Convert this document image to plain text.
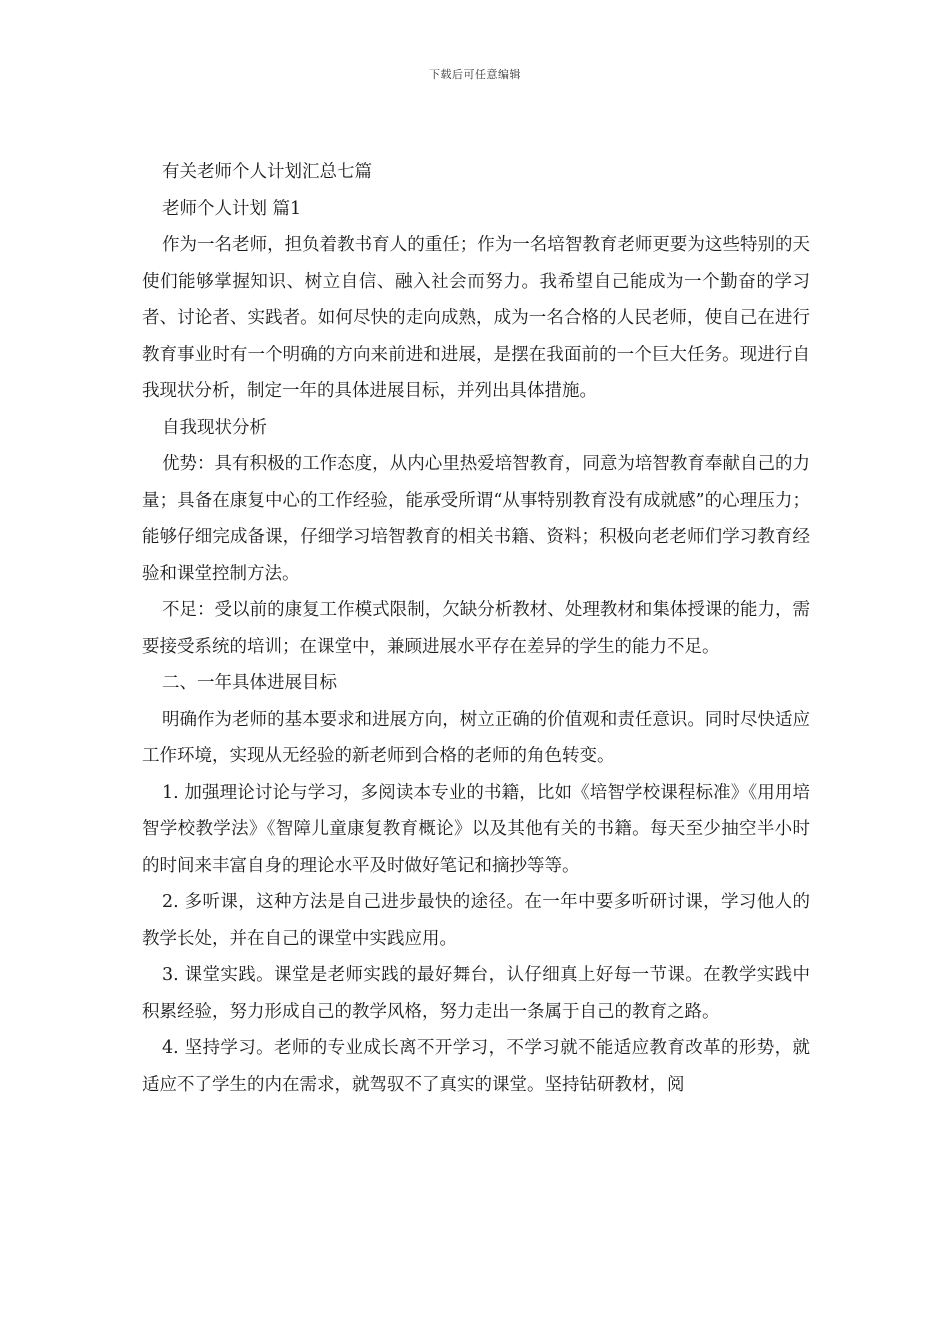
下载后可任意编辑

有关老师个人计划汇总七篇

老师个人计划 篇1

作为一名老师，担负着教书育人的重任；作为一名培智教育老师更要为这些特别的天使们能够掌握知识、树立自信、融入社会而努力。我希望自己能成为一个勤奋的学习者、讨论者、实践者。如何尽快的走向成熟，成为一名合格的人民老师，使自己在进行教育事业时有一个明确的方向来前进和进展，是摆在我面前的一个巨大任务。现进行自我现状分析，制定一年的具体进展目标，并列出具体措施。

自我现状分析

优势：具有积极的工作态度，从内心里热爱培智教育，同意为培智教育奉献自己的力量；具备在康复中心的工作经验，能承受所谓“从事特别教育没有成就感”的心理压力；能够仔细完成备课，仔细学习培智教育的相关书籍、资料；积极向老老师们学习教育经验和课堂控制方法。

不足：受以前的康复工作模式限制，欠缺分析教材、处理教材和集体授课的能力，需要接受系统的培训；在课堂中，兼顾进展水平存在差异的学生的能力不足。

二、一年具体进展目标

明确作为老师的基本要求和进展方向，树立正确的价值观和责任意识。同时尽快适应工作环境，实现从无经验的新老师到合格的老师的角色转变。

1. 加强理论讨论与学习，多阅读本专业的书籍，比如《培智学校课程标准》《用用培智学校教学法》《智障儿童康复教育概论》以及其他有关的书籍。每天至少抽空半小时的时间来丰富自身的理论水平及时做好笔记和摘抄等等。

2. 多听课，这种方法是自己进步最快的途径。在一年中要多听研讨课，学习他人的教学长处，并在自己的课堂中实践应用。

3. 课堂实践。课堂是老师实践的最好舞台，认仔细真上好每一节课。在教学实践中积累经验，努力形成自己的教学风格，努力走出一条属于自己的教育之路。

4. 坚持学习。老师的专业成长离不开学习，不学习就不能适应教育改革的形势，就适应不了学生的内在需求，就驾驭不了真实的课堂。坚持钻研教材，阅
